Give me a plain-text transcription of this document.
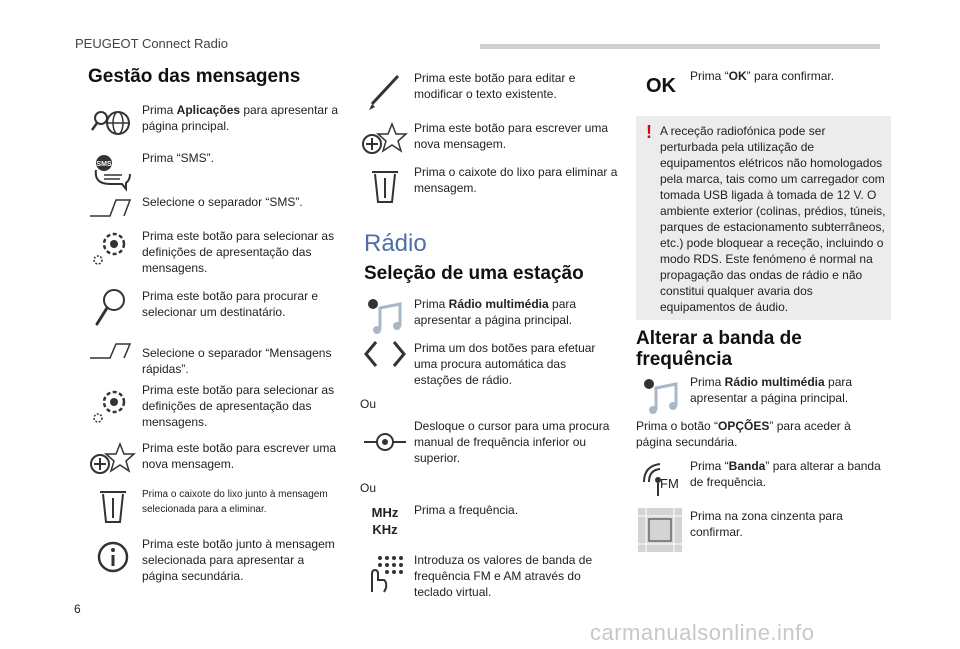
PEUGEOT Connect Radio
Gestão das mensagens
Prima Aplicações para apresentar a página principal.
SMS	Prima “SMS”.
Selecione o separador “SMS”.
Prima este botão para selecionar as definições de apresentação das mensagens.
Prima este botão para procurar e selecionar um destinatário.
Selecione o separador “Mensagens rápidas”.
Prima este botão para selecionar as definições de apresentação das mensagens.
Prima este botão para escrever uma nova mensagem.
Prima o caixote do lixo junto à mensagem selecionada para a eliminar.
Prima este botão junto à mensagem selecionada para apresentar a página secundária.
Prima este botão para editar e modificar o texto existente.
Prima este botão para escrever uma nova mensagem.
Prima o caixote do lixo para eliminar a mensagem.
Rádio
Seleção de uma estação
Prima Rádio multimédia para apresentar a página principal.
Prima um dos botões para efetuar uma procura automática das estações de rádio.
Ou
Desloque o cursor para uma procura manual de frequência inferior ou superior.
Ou
MHz
KHz
Prima a frequência.
Introduza os valores de banda de frequência FM e AM através do teclado virtual.
OK	Prima “OK” para confirmar.
! A receção radiofónica pode ser perturbada pela utilização de equipamentos elétricos não homologados pela marca, tais como um carregador com tomada USB ligada à tomada de 12 V. O ambiente exterior (colinas, prédios, túneis, parques de estacionamento subterrâneos, etc.) pode bloquear a receção, incluindo o modo RDS. Este fenómeno é normal na propagação das ondas de rádio e não constitui qualquer avaria dos equipamentos de áudio.
Alterar a banda de frequência
Prima Rádio multimédia para apresentar a página principal.
Prima o botão “OPÇÕES” para aceder à página secundária.
FM
Prima “Banda” para alterar a banda de frequência.
Prima na zona cinzenta para confirmar.
6
carmanualsonline.info
